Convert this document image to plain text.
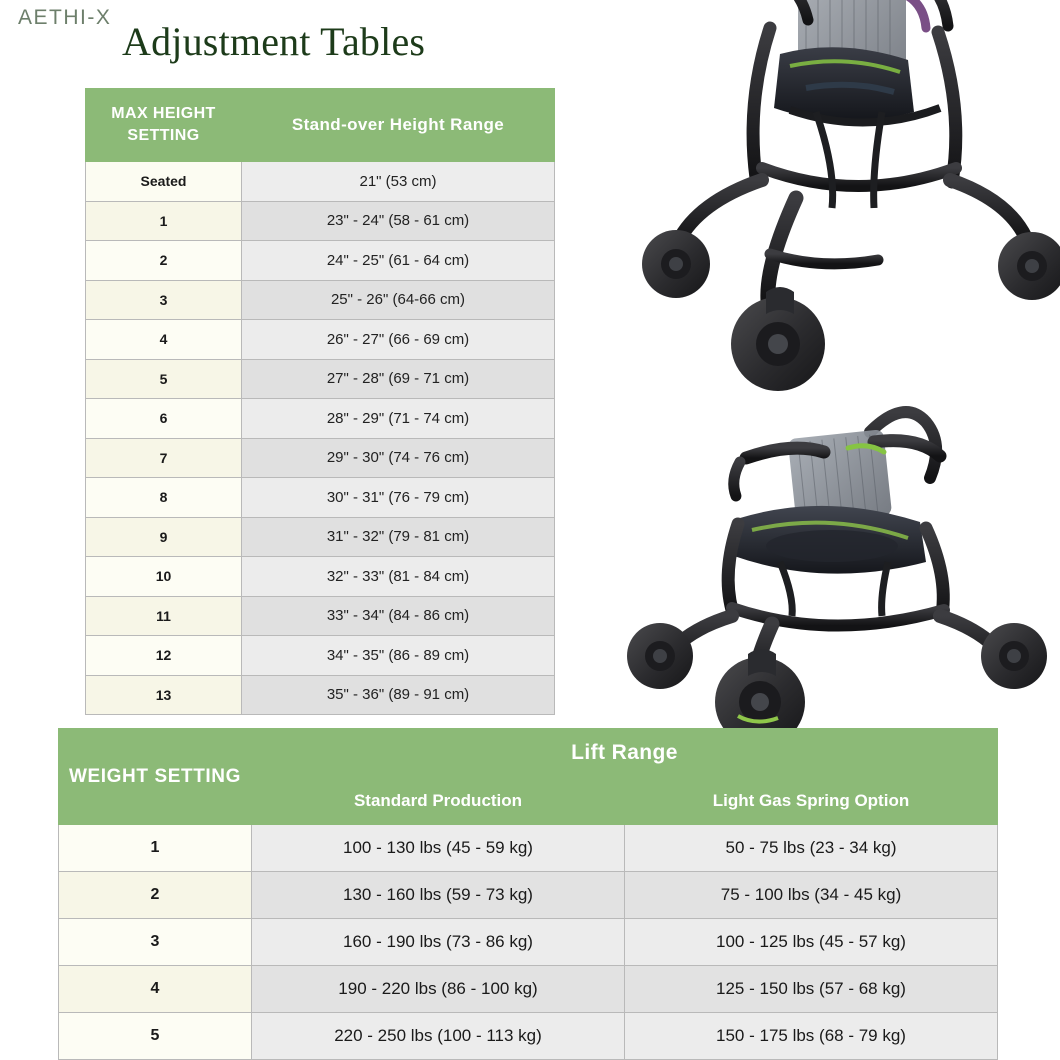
AETHI-X
Adjustment Tables
MAX HEIGHT SETTING	Stand-over Height Range
Seated	21" (53 cm)
1	23" - 24" (58 - 61 cm)
2	24" - 25" (61 - 64 cm)
3	25" - 26" (64-66 cm)
4	26" - 27" (66 - 69 cm)
5	27" - 28" (69 - 71 cm)
6	28" - 29" (71 - 74 cm)
7	29" - 30" (74 - 76 cm)
8	30" - 31" (76 - 79 cm)
9	31" - 32" (79 - 81 cm)
10	32" - 33" (81 - 84 cm)
11	33" - 34" (84 - 86 cm)
12	34" - 35" (86 - 89 cm)
13	35" - 36" (89 - 91 cm)
WEIGHT SETTING	Lift Range	
	Standard Production	Light Gas Spring Option
1	100 - 130 lbs (45 - 59 kg)	50 - 75 lbs (23 - 34 kg)
2	130 - 160 lbs (59 - 73 kg)	75 - 100 lbs (34 - 45 kg)
3	160 - 190 lbs (73 - 86 kg)	100 - 125 lbs (45 - 57 kg)
4	190 - 220 lbs (86 - 100 kg)	125 - 150 lbs (57 - 68 kg)
5	220 - 250 lbs (100 - 113 kg)	150 - 175 lbs (68 - 79 kg)
